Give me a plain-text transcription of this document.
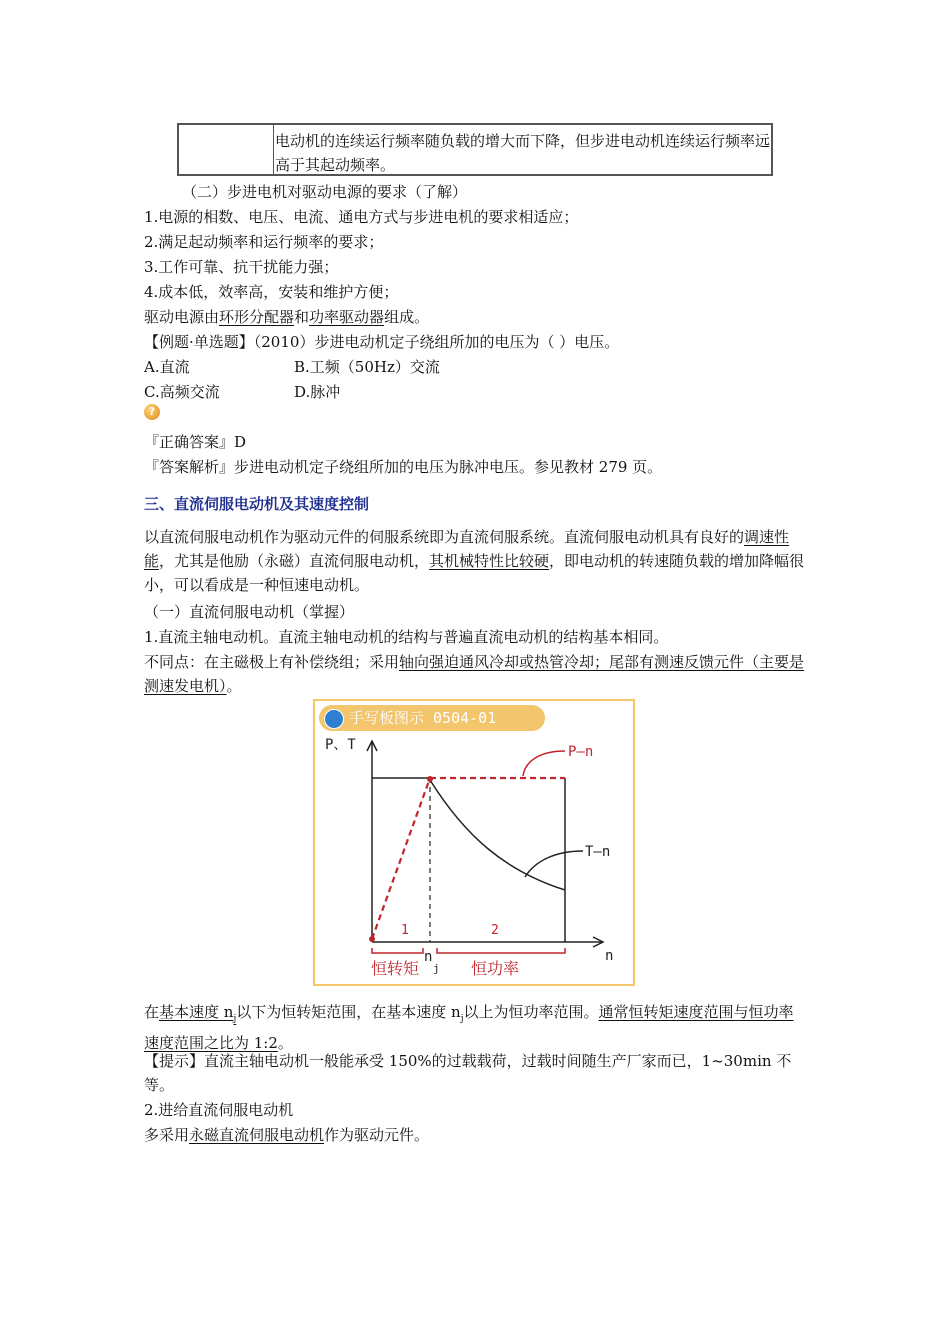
电动机的连续运行频率随负载的增大而下降，但步进电动机连续运行频率远高于其起动频率。
（二）步进电机对驱动电源的要求（了解）
1.电源的相数、电压、电流、通电方式与步进电机的要求相适应；
2.满足起动频率和运行频率的要求；
3.工作可靠、抗干扰能力强；
4.成本低，效率高，安装和维护方便；
驱动电源由环形分配器和功率驱动器组成。
【例题·单选题】（2010）步进电动机定子绕组所加的电压为（ ）电压。
A.直流	B.工频（50Hz）交流
C.高频交流	D.脉冲
?
『正确答案』D
『答案解析』步进电动机定子绕组所加的电压为脉冲电压。参见教材 279 页。
三、直流伺服电动机及其速度控制
以直流伺服电动机作为驱动元件的伺服系统即为直流伺服系统。直流伺服电动机具有良好的调速性能，尤其是他励（永磁）直流伺服电动机，其机械特性比较硬，即电动机的转速随负载的增加降幅很小，可以看成是一种恒速电动机。
（一）直流伺服电动机（掌握）
1.直流主轴电动机。直流主轴电动机的结构与普遍直流电动机的结构基本相同。
不同点：在主磁极上有补偿绕组；采用轴向强迫通风冷却或热管冷却；尾部有测速反馈元件（主要是测速发电机）。
手写板图示 0504-01
P、T
n
P—n
T—n
1	2
n
j
恒转矩	恒功率
在基本速度 $n_j$以下为恒转矩范围，在基本速度 $n_j$以上为恒功率范围。通常恒转矩速度范围与恒功率速度范围之比为 1:2。
【提示】直流主轴电动机一般能承受 150%的过载载荷，过载时间随生产厂家而已，1~30min 不等。
2.进给直流伺服电动机
多采用永磁直流伺服电动机作为驱动元件。
